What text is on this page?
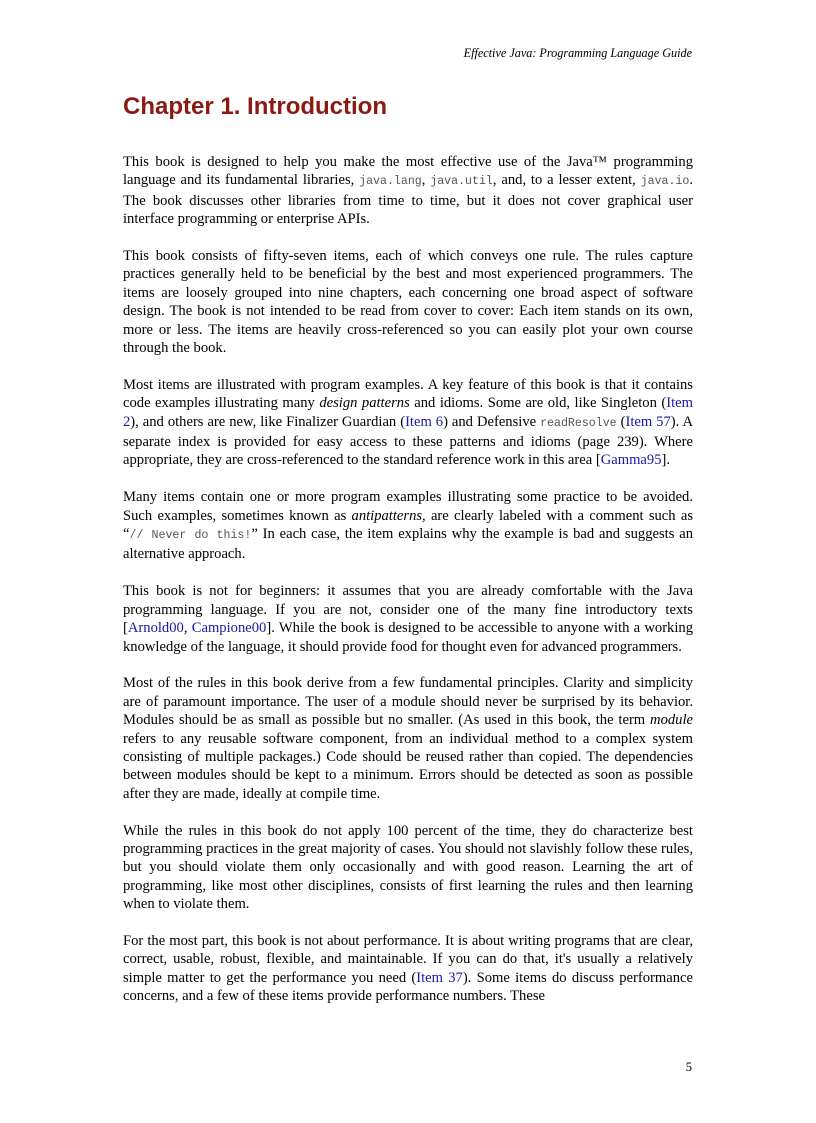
Effective Java: Programming Language Guide
Chapter 1. Introduction

This book is designed to help you make the most effective use of the Java™ programming language and its fundamental libraries, java.lang, java.util, and, to a lesser extent, java.io. The book discusses other libraries from time to time, but it does not cover graphical user interface programming or enterprise APIs.

This book consists of fifty-seven items, each of which conveys one rule. The rules capture practices generally held to be beneficial by the best and most experienced programmers. The items are loosely grouped into nine chapters, each concerning one broad aspect of software design. The book is not intended to be read from cover to cover: Each item stands on its own, more or less. The items are heavily cross-referenced so you can easily plot your own course through the book.

Most items are illustrated with program examples. A key feature of this book is that it contains code examples illustrating many design patterns and idioms. Some are old, like Singleton (Item 2), and others are new, like Finalizer Guardian (Item 6) and Defensive readResolve (Item 57). A separate index is provided for easy access to these patterns and idioms (page 239). Where appropriate, they are cross-referenced to the standard reference work in this area [Gamma95].

Many items contain one or more program examples illustrating some practice to be avoided. Such examples, sometimes known as antipatterns, are clearly labeled with a comment such as “// Never do this!” In each case, the item explains why the example is bad and suggests an alternative approach.

This book is not for beginners: it assumes that you are already comfortable with the Java programming language. If you are not, consider one of the many fine introductory texts [Arnold00, Campione00]. While the book is designed to be accessible to anyone with a working knowledge of the language, it should provide food for thought even for advanced programmers.

Most of the rules in this book derive from a few fundamental principles. Clarity and simplicity are of paramount importance. The user of a module should never be surprised by its behavior. Modules should be as small as possible but no smaller. (As used in this book, the term module refers to any reusable software component, from an individual method to a complex system consisting of multiple packages.) Code should be reused rather than copied. The dependencies between modules should be kept to a minimum. Errors should be detected as soon as possible after they are made, ideally at compile time.

While the rules in this book do not apply 100 percent of the time, they do characterize best programming practices in the great majority of cases. You should not slavishly follow these rules, but you should violate them only occasionally and with good reason. Learning the art of programming, like most other disciplines, consists of first learning the rules and then learning when to violate them.

For the most part, this book is not about performance. It is about writing programs that are clear, correct, usable, robust, flexible, and maintainable. If you can do that, it's usually a relatively simple matter to get the performance you need (Item 37). Some items do discuss performance concerns, and a few of these items provide performance numbers. These

5
